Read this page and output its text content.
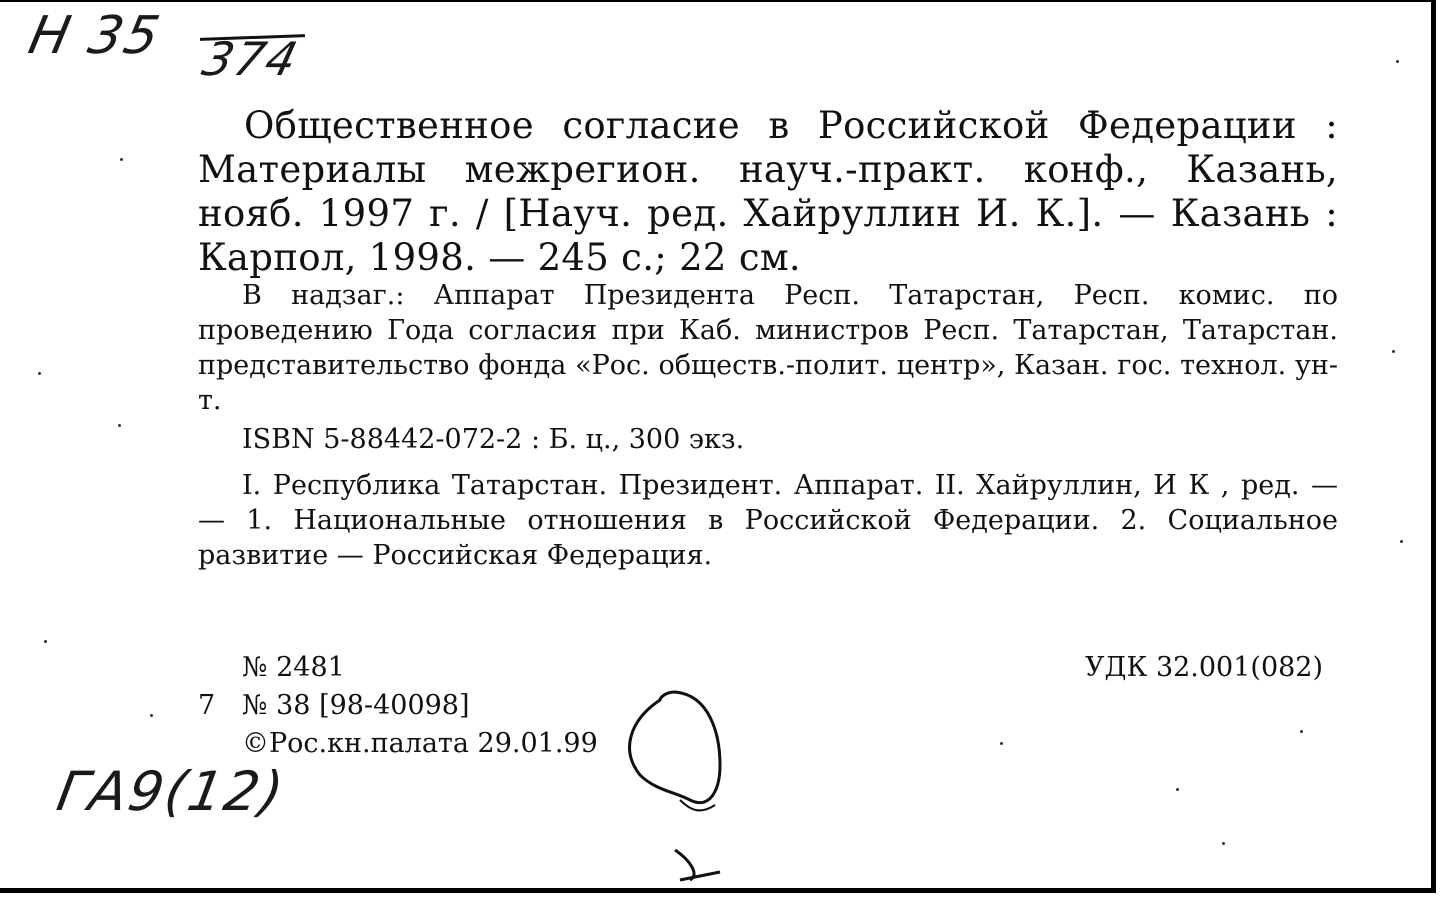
Н 35 374

Общественное согласие в Российской Федерации : Материалы межрегион. науч.-практ. конф., Казань, нояб. 1997 г. / [Науч. ред. Хайруллин И. К.]. — Казань : Карпол, 1998. — 245 с.; 22 см.

В надзаг.: Аппарат Президента Респ. Татарстан, Респ. комис. по проведению Года согласия при Каб. министров Респ. Татарстан, Татарстан. представительство фонда «Рос. обществ.-полит. центр», Казан. гос. технол. ун-т.

ISBN 5-88442-072-2 : Б. ц., 300 экз.

I. Республика Татарстан. Президент. Аппарат. II. Хайруллин, И К , ред. — — 1. Национальные отношения в Российской Федерации. 2. Социальное развитие — Российская Федерация.

№ 2481
7 № 38 [98-40098]
©Рос.кн.палата 29.01.99
УДК 32.001(082)
ГА9(12)
